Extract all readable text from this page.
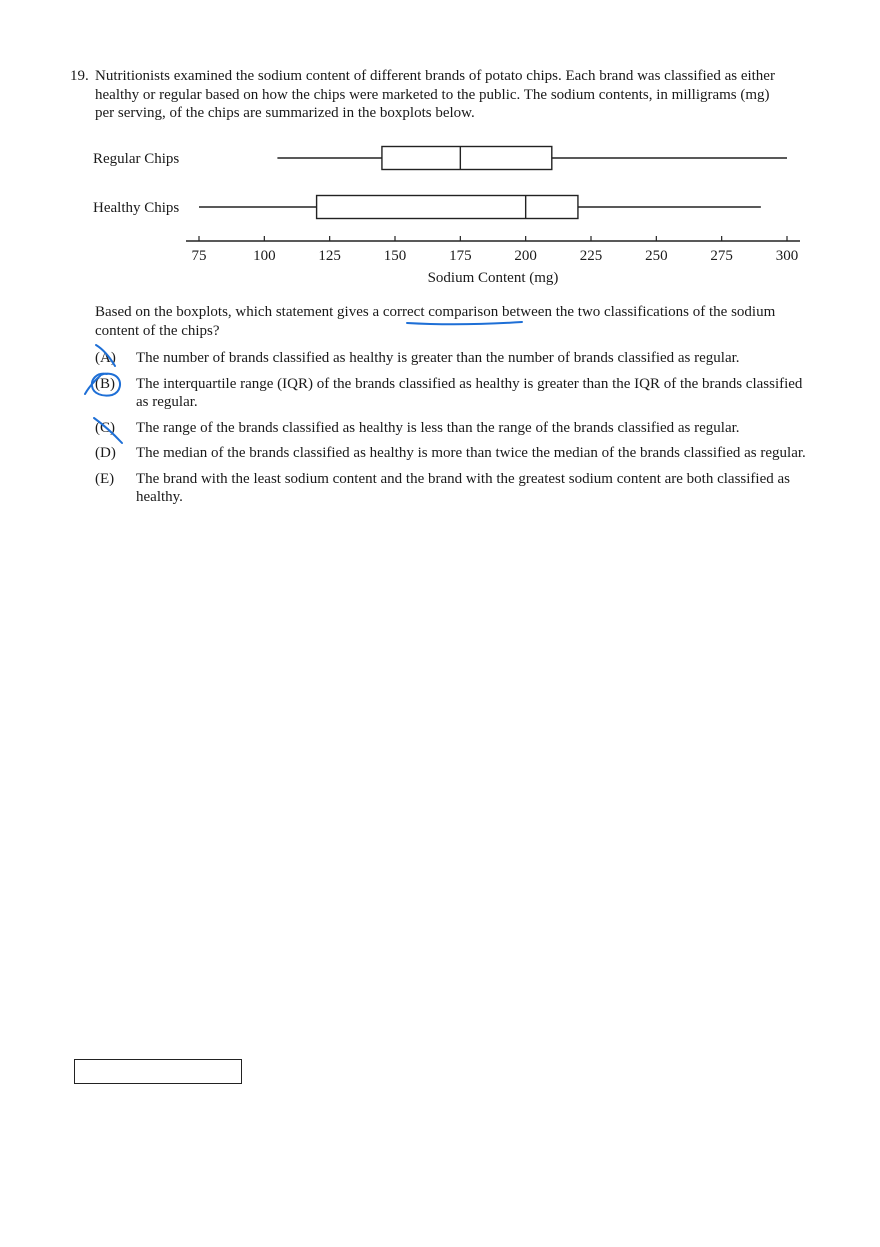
19. Nutritionists examined the sodium content of different brands of potato chips. Each brand was classified as either healthy or regular based on how the chips were marketed to the public. The sodium contents, in milligrams (mg) per serving, of the chips are summarized in the boxplots below.
Regular Chips
Healthy Chips
75	100	125	150	175	200	225	250	275	300
Sodium Content (mg)
Based on the boxplots, which statement gives a correct comparison between the two classifications of the sodium content of the chips?
(A) The number of brands classified as healthy is greater than the number of brands classified as regular.
(B) The interquartile range (IQR) of the brands classified as healthy is greater than the IQR of the brands classified as regular.
(C) The range of the brands classified as healthy is less than the range of the brands classified as regular.
(D) The median of the brands classified as healthy is more than twice the median of the brands classified as regular.
(E) The brand with the least sodium content and the brand with the greatest sodium content are both classified as healthy.
